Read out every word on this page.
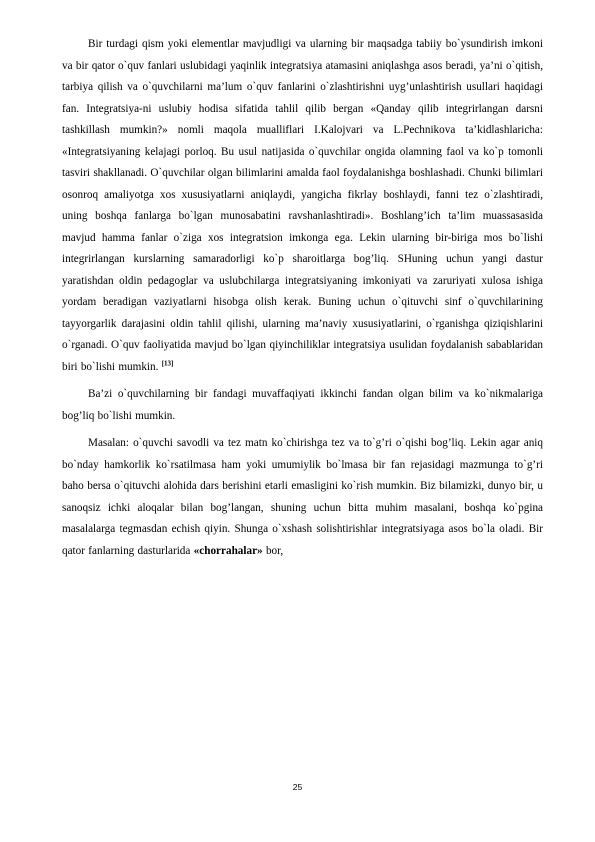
Bir turdagi qism yoki elementlar mavjudligi va ularning bir maqsadga tabiiy bo`ysundirish imkoni va bir qator o`quv fanlari uslubidagi yaqinlik integratsiya atamasini aniqlashga asos beradi, ya’ni o`qitish, tarbiya qilish va o`quvchilarni ma’lum o`quv fanlarini o`zlashtirishni uyg’unlashtirish usullari haqidagi fan. Integratsiya-ni uslubiy hodisa sifatida tahlil qilib bergan «Qanday qilib integrirlangan darsni tashkillash mumkin?» nomli maqola mualliflari I.Kalojvari va L.Pechnikova ta’kidlashlaricha: «Integratsiyaning kelajagi porloq. Bu usul natijasida o`quvchilar ongida olamning faol va ko`p tomonli tasviri shakllanadi. O`quvchilar olgan bilimlarini amalda faol foydalanishga boshlashadi. Chunki bilimlari osonroq amaliyotga xos xususiyatlarni aniqlaydi, yangicha fikrlay boshlaydi, fanni tez o`zlashtiradi, uning boshqa fanlarga bo`lgan munosabatini ravshanlashtiradi». Boshlang’ich ta’lim muassasasida mavjud hamma fanlar o`ziga xos integratsion imkonga ega. Lekin ularning bir-biriga mos bo`lishi integrirlangan kurslarning samaradorligi ko`p sharoitlarga bog’liq. SHuning uchun yangi dastur yaratishdan oldin pedagoglar va uslubchilarga integratsiyaning imkoniyati va zaruriyati xulosa ishiga yordam beradigan vaziyatlarni hisobga olish kerak. Buning uchun o`qituvchi sinf o`quvchilarining tayyorgarlik darajasini oldin tahlil qilishi, ularning ma’naviy xususiyatlarini, o`rganishga qiziqishlarini o`rganadi. O`quv faoliyatida mavjud bo`lgan qiyinchiliklar integratsiya usulidan foydalanish sabablaridan biri bo`lishi mumkin. [13]

Ba’zi o`quvchilarning bir fandagi muvaffaqiyati ikkinchi fandan olgan bilim va ko`nikmalariga bog’liq bo`lishi mumkin.

Masalan: o`quvchi savodli va tez matn ko`chirishga tez va to`g’ri o`qishi bog’liq. Lekin agar aniq bo`nday hamkorlik ko`rsatilmasa ham yoki umumiylik bo`lmasa bir fan rejasidagi mazmunga to`g’ri baho bersa o`qituvchi alohida dars berishini etarli emasligini ko`rish mumkin. Biz bilamizki, dunyo bir, u sanoqsiz ichki aloqalar bilan bog’langan, shuning uchun bitta muhim masalani, boshqa ko`pgina masalalarga tegmasdan echish qiyin. Shunga o`xshash solishtirishlar integratsiyaga asos bo`la oladi. Bir qator fanlarning dasturlarida «chorrahalar» bor,

25
